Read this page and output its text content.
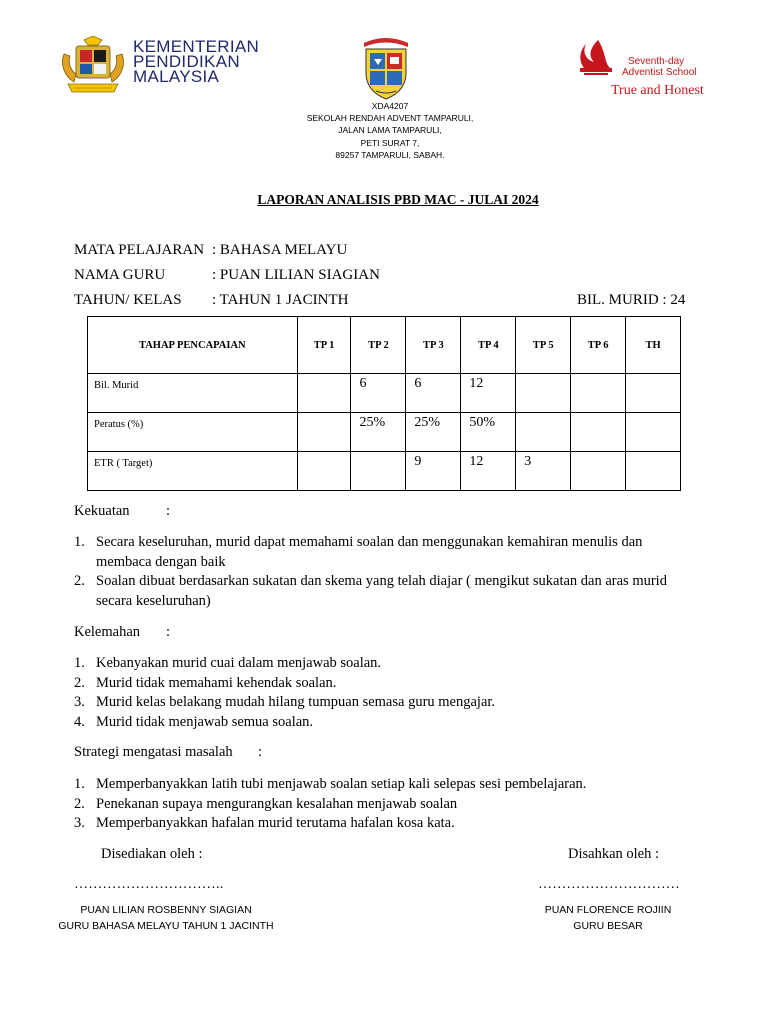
KEMENTERIAN
PENDIDIKAN
MALAYSIA
Seventh-day
Adventist School
True and Honest
XDA4207
SEKOLAH RENDAH ADVENT TAMPARULI,
JALAN LAMA TAMPARULI,
PETI SURAT 7,
89257 TAMPARULI, SABAH.
LAPORAN ANALISIS PBD MAC - JULAI 2024
MATA PELAJARAN : BAHASA MELAYU
NAMA GURU	: PUAN LILIAN SIAGIAN
TAHUN/ KELAS : TAHUN 1 JACINTH	BIL. MURID : 24
TAHAP PENCAPAIAN	TP 1	TP 2	TP 3	TP 4	TP 5	TP 6	TH
Bil. Murid		6	6	12			
Peratus (%)		25%	25%	50%			
ETR ( Target)			9	12	3		
Kekuatan	:
1. Secara keseluruhan, murid dapat memahami soalan dan menggunakan kemahiran menulis dan
membaca dengan baik
2. Soalan dibuat berdasarkan sukatan dan skema yang telah diajar ( mengikut sukatan dan aras murid
secara keseluruhan)
Kelemahan :
1. Kebanyakan murid cuai dalam menjawab soalan.
2. Murid tidak memahami kehendak soalan.
3. Murid kelas belakang mudah hilang tumpuan semasa guru mengajar.
4. Murid tidak menjawab semua soalan.
Strategi mengatasi masalah :
1. Memperbanyakkan latih tubi menjawab soalan setiap kali selepas sesi pembelajaran.
2. Penekanan supaya mengurangkan kesalahan menjawab soalan
3. Memperbanyakkan hafalan murid terutama hafalan kosa kata.
Disediakan oleh :	Disahkan oleh :
…………………………..	…………………………
PUAN LILIAN ROSBENNY SIAGIAN
GURU BAHASA MELAYU TAHUN 1 JACINTH
PUAN FLORENCE ROJIIN
GURU BESAR
